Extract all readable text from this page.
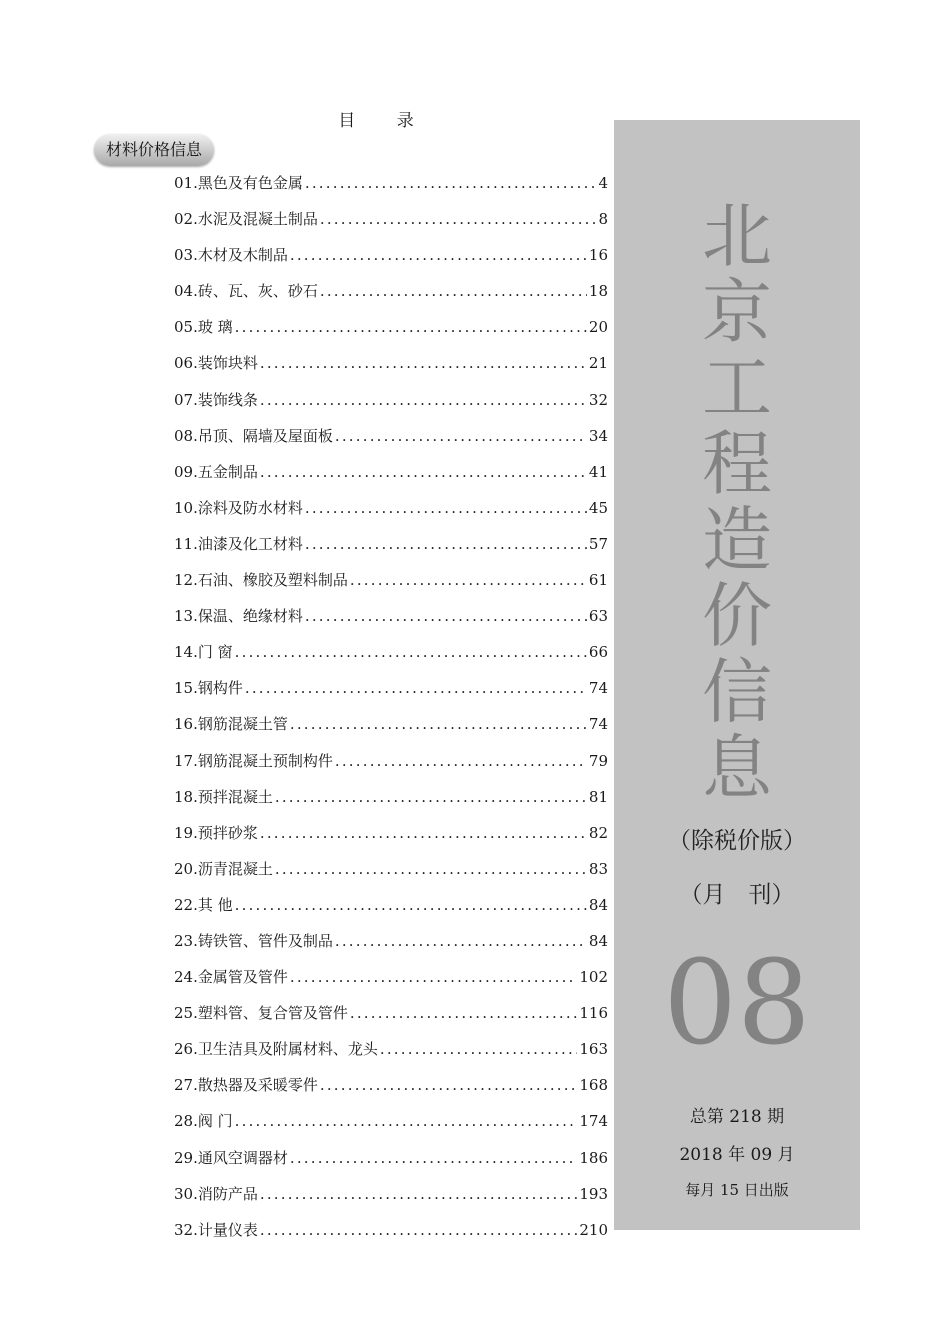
目 录
材料价格信息
01. 黑色及有色金属 .....	4
02. 水泥及混凝土制品 .....	8
03. 木材及木制品 .....	16
04. 砖、瓦、灰、砂石 .....	18
05. 玻 璃 .....	20
06. 装饰块料 .....	21
07. 装饰线条 .....	32
08. 吊顶、隔墙及屋面板 .....	34
09. 五金制品 .....	41
10. 涂料及防水材料 .....	45
11. 油漆及化工材料 .....	57
12. 石油、橡胶及塑料制品 .....	61
13. 保温、绝缘材料 .....	63
14. 门 窗 .....	66
15. 钢构件 .....	74
16. 钢筋混凝土管 .....	74
17. 钢筋混凝土预制构件 .....	79
18. 预拌混凝土 .....	81
19. 预拌砂浆 .....	82
20. 沥青混凝土 .....	83
22. 其 他 .....	84
23. 铸铁管、管件及制品 .....	84
24. 金属管及管件 .....	102
25. 塑料管、复合管及管件 .....	116
26. 卫生洁具及附属材料、龙头 .....	163
27. 散热器及采暖零件 .....	168
28. 阀 门 .....	174
29. 通风空调器材 .....	186
30. 消防产品 .....	193
32. 计量仪表 .....	210
北
京
工
程
造
价
信
息
（除税价版）
（月　刊）
08
总第 218 期
2018 年 09 月
每月 15 日出版
